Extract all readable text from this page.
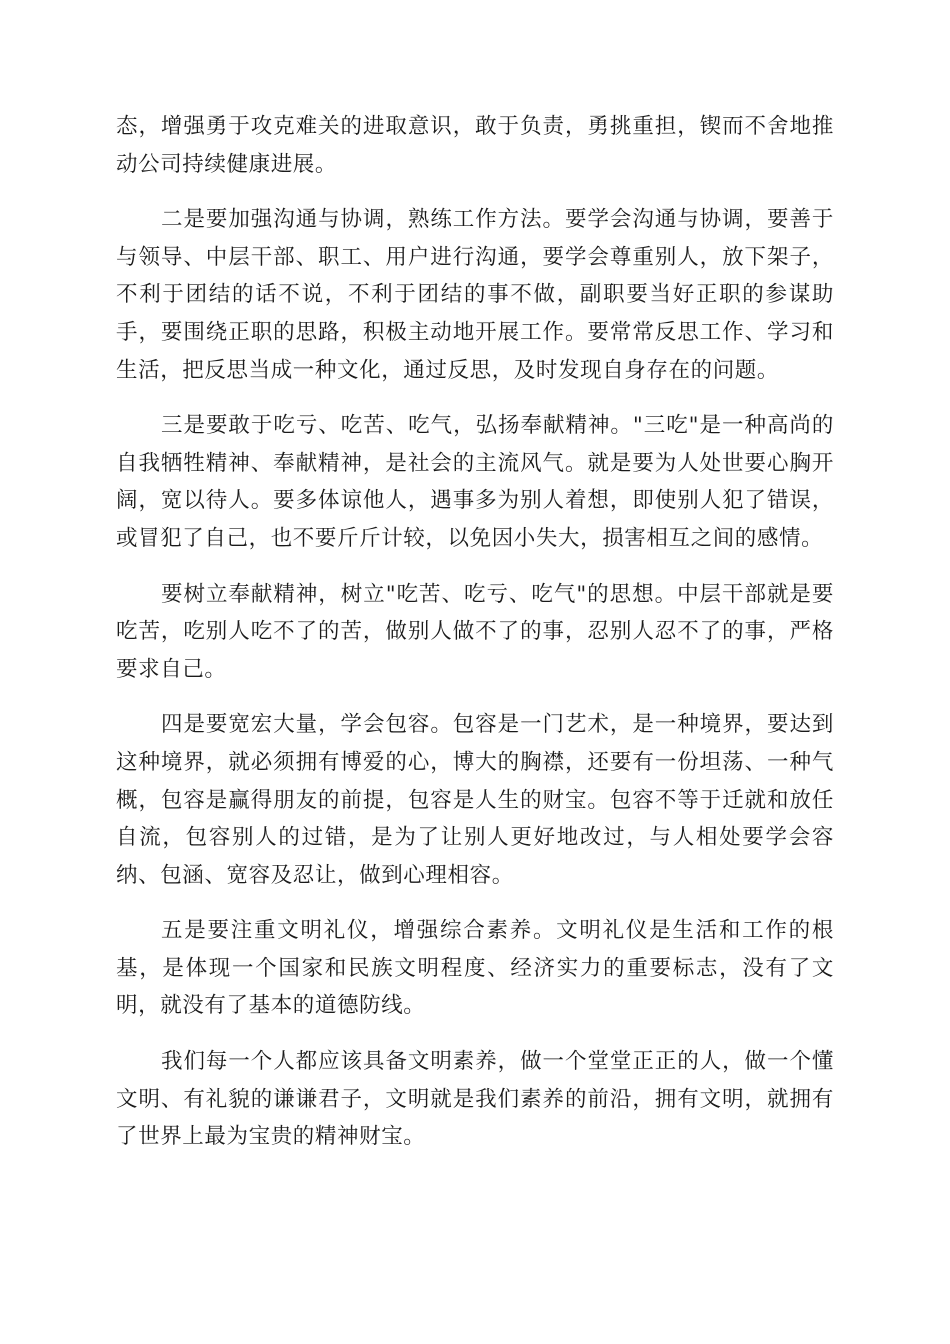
态，增强勇于攻克难关的进取意识，敢于负责，勇挑重担，锲而不舍地推动公司持续健康进展。

二是要加强沟通与协调，熟练工作方法。要学会沟通与协调，要善于与领导、中层干部、职工、用户进行沟通，要学会尊重别人，放下架子，不利于团结的话不说，不利于团结的事不做，副职要当好正职的参谋助手，要围绕正职的思路，积极主动地开展工作。要常常反思工作、学习和生活，把反思当成一种文化，通过反思，及时发现自身存在的问题。

三是要敢于吃亏、吃苦、吃气，弘扬奉献精神。"三吃"是一种高尚的自我牺牲精神、奉献精神，是社会的主流风气。就是要为人处世要心胸开阔，宽以待人。要多体谅他人，遇事多为别人着想，即使别人犯了错误，或冒犯了自己，也不要斤斤计较，以免因小失大，损害相互之间的感情。

要树立奉献精神，树立"吃苦、吃亏、吃气"的思想。中层干部就是要吃苦，吃别人吃不了的苦，做别人做不了的事，忍别人忍不了的事，严格要求自己。

四是要宽宏大量，学会包容。包容是一门艺术，是一种境界，要达到这种境界，就必须拥有博爱的心，博大的胸襟，还要有一份坦荡、一种气概，包容是赢得朋友的前提，包容是人生的财宝。包容不等于迁就和放任自流，包容别人的过错，是为了让别人更好地改过，与人相处要学会容纳、包涵、宽容及忍让，做到心理相容。

五是要注重文明礼仪，增强综合素养。文明礼仪是生活和工作的根基，是体现一个国家和民族文明程度、经济实力的重要标志，没有了文明，就没有了基本的道德防线。

我们每一个人都应该具备文明素养，做一个堂堂正正的人，做一个懂文明、有礼貌的谦谦君子，文明就是我们素养的前沿，拥有文明，就拥有了世界上最为宝贵的精神财宝。
